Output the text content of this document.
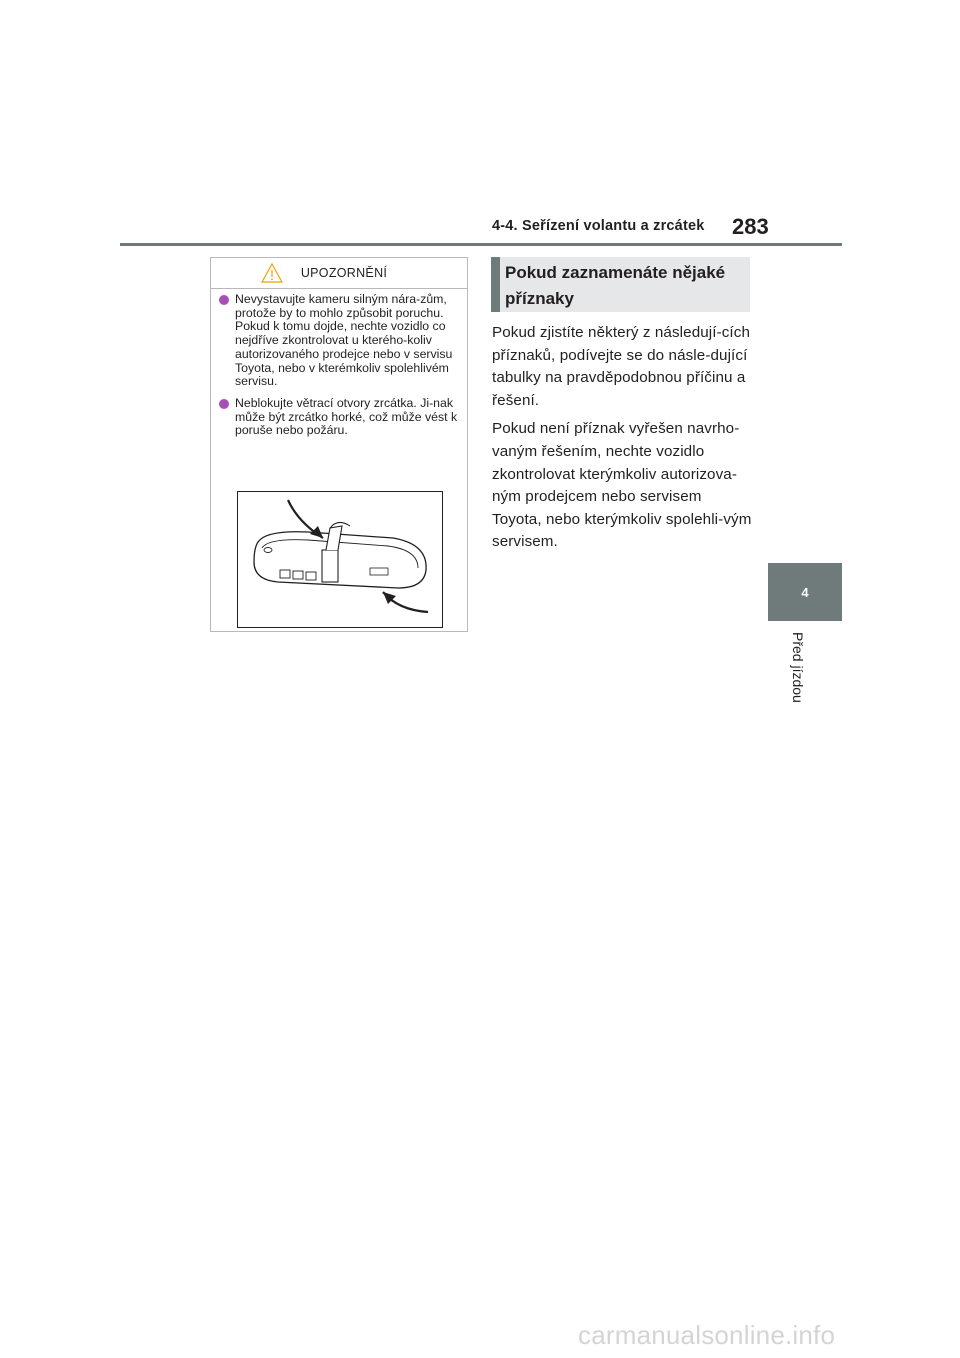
4-4. Seřízení volantu a zrcátek 283
4
Před jízdou
UPOZORNĚNÍ
Nevystavujte kameru silným nára-zům, protože by to mohlo způsobit poruchu.
Pokud k tomu dojde, nechte vozidlo co nejdříve zkontrolovat u kterého-koliv autorizovaného prodejce nebo v servisu Toyota, nebo v kterémkoliv spolehlivém servisu.
Neblokujte větrací otvory zrcátka. Ji-nak může být zrcátko horké, což může vést k poruše nebo požáru.
Pokud zaznamenáte nějaké příznaky

Pokud zjistíte některý z následují-cích příznaků, podívejte se do násle-dující tabulky na pravděpodobnou příčinu a řešení.

Pokud není příznak vyřešen navrho-vaným řešením, nechte vozidlo zkontrolovat kterýmkoliv autorizova-ným prodejcem nebo servisem Toyota, nebo kterýmkoliv spolehli-vým servisem.

carmanualsonline.info
